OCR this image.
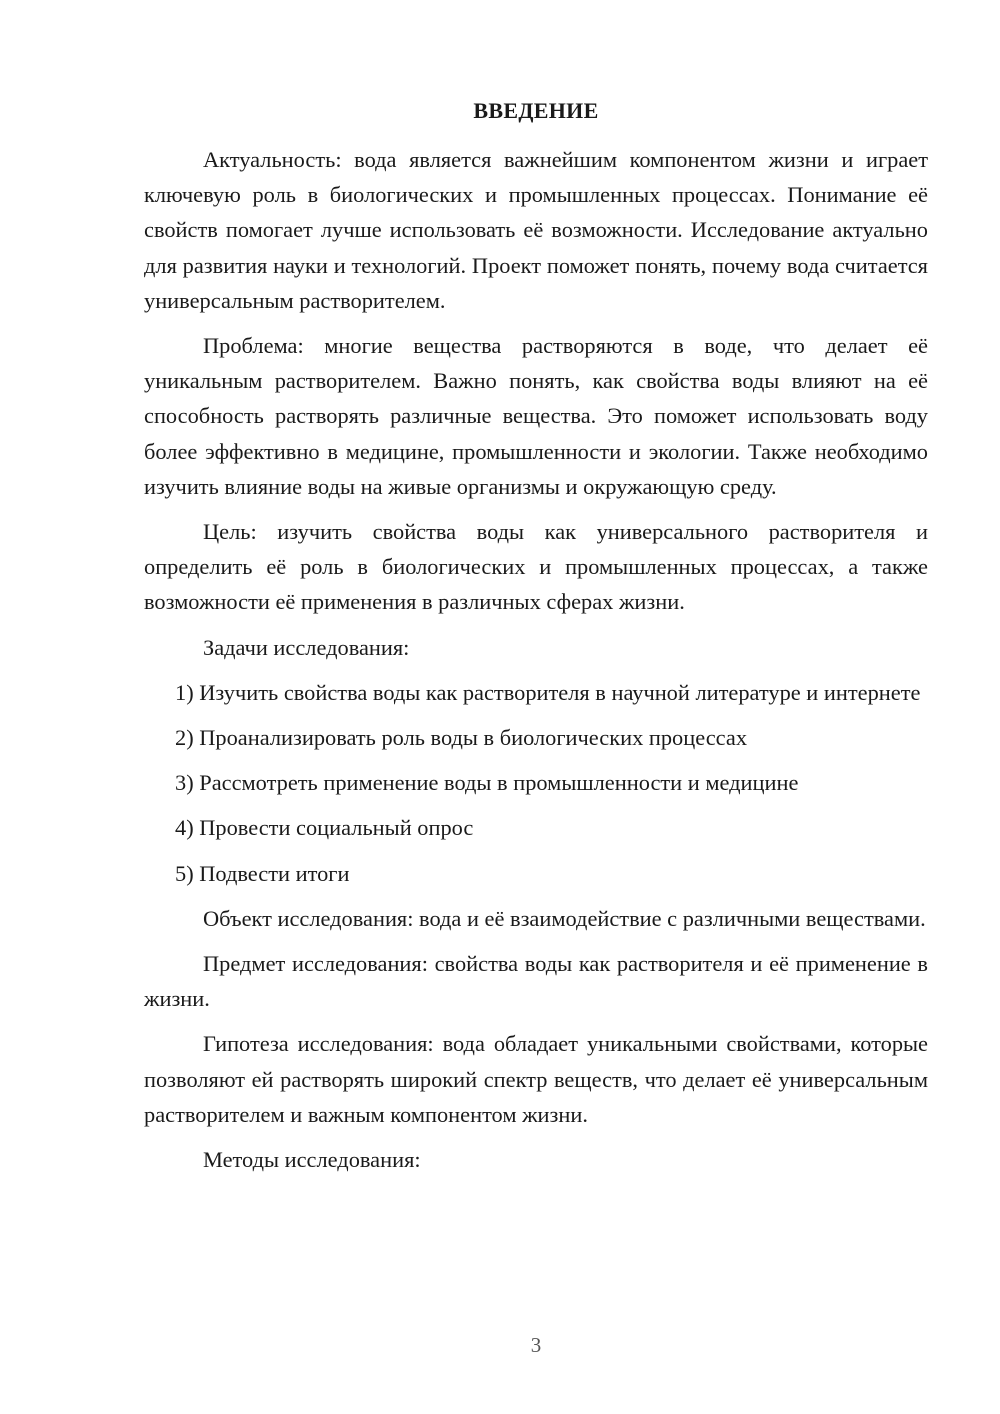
ВВЕДЕНИЕ

Актуальность: вода является важнейшим компонентом жизни и играет ключевую роль в биологических и промышленных процессах. Понимание её свойств помогает лучше использовать её возможности. Исследование актуально для развития науки и технологий. Проект поможет понять, почему вода считается универсальным растворителем.

Проблема: многие вещества растворяются в воде, что делает её уникальным растворителем. Важно понять, как свойства воды влияют на её способность растворять различные вещества. Это поможет использовать воду более эффективно в медицине, промышленности и экологии. Также необходимо изучить влияние воды на живые организмы и окружающую среду.

Цель: изучить свойства воды как универсального растворителя и определить её роль в биологических и промышленных процессах, а также возможности её применения в различных сферах жизни.

Задачи исследования:

1) Изучить свойства воды как растворителя в научной литературе и интернете

2) Проанализировать роль воды в биологических процессах

3) Рассмотреть применение воды в промышленности и медицине

4) Провести социальный опрос

5) Подвести итоги

Объект исследования: вода и её взаимодействие с различными веществами.

Предмет исследования: свойства воды как растворителя и её применение в жизни.

Гипотеза исследования: вода обладает уникальными свойствами, которые позволяют ей растворять широкий спектр веществ, что делает её универсальным растворителем и важным компонентом жизни.

Методы исследования:

3
